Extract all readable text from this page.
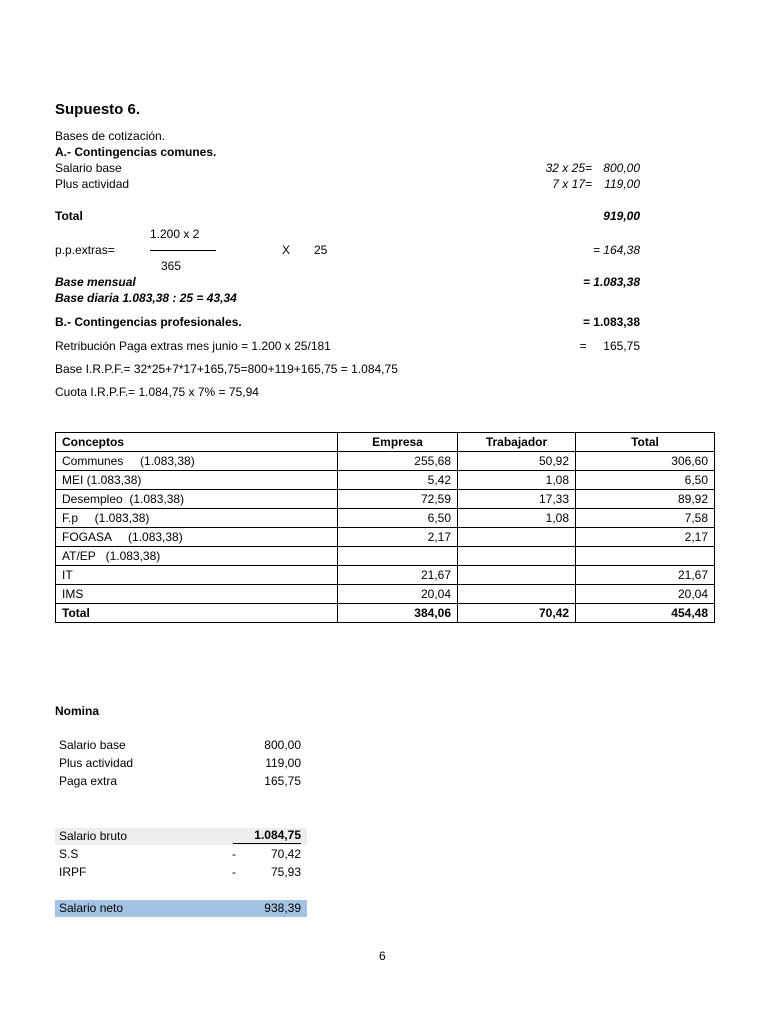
Supuesto 6.
Bases de cotización.
A.- Contingencias comunes.
Salario base	32 x 25= 800,00
Plus actividad	7 x 17=	119,00
Total	919,00
1.200 x 2
p.p.extras=	X 25	= 164,38
365
Base mensual	= 1.083,38
Base diaria 1.083,38 : 25 = 43,34
B.- Contingencias profesionales.	= 1.083,38
Retribución Paga extras mes junio = 1.200 x 25/181	=     165,75
Base I.R.P.F.= 32*25+7*17+165,75=800+119+165,75 = 1.084,75
Cuota I.R.P.F.= 1.084,75 x 7% = 75,94
Conceptos	Empresa	Trabajador	Total
Communes     (1.083,38)	255,68	50,92	306,60
MEI (1.083,38)	5,42	1,08	6,50
Desempleo  (1.083,38)	72,59	17,33	89,92
F.p     (1.083,38)	6,50	1,08	7,58
FOGASA     (1.083,38)	2,17		2,17
AT/EP   (1.083,38)			
IT	21,67		21,67
IMS	20,04		20,04
Total	384,06	70,42	454,48
Nomina
Salario base	800,00
Plus actividad	119,00
Paga extra	165,75
Salario bruto	1.084,75
S.S	-	70,42
IRPF	-	75,93
Salario neto	938,39
6
